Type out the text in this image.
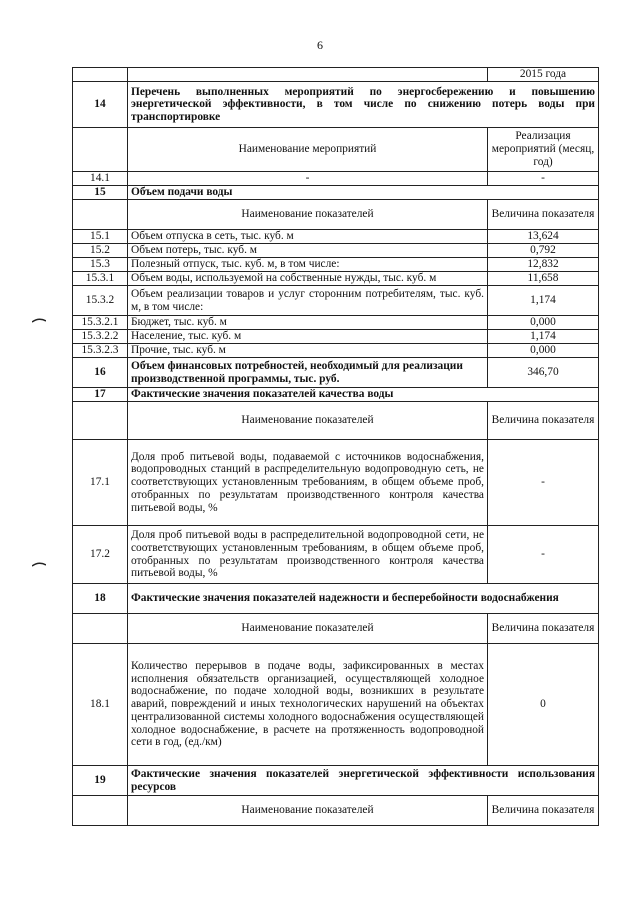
6
		2015 года
14	Перечень выполненных мероприятий по энергосбережению и повышению энергетической эффективности, в том числе по снижению потерь воды при транспортировке	
	Наименование мероприятий	Реализация мероприятий (месяц, год)
14.1	-	-
15	Объем подачи воды	
	Наименование показателей	Величина показателя
15.1	Объем отпуска в сеть, тыс. куб. м	13,624
15.2	Объем потерь, тыс. куб. м	0,792
15.3	Полезный отпуск, тыс. куб. м, в том числе:	12,832
15.3.1	Объем воды, используемой на собственные нужды, тыс. куб. м	11,658
15.3.2	Объем реализации товаров и услуг сторонним потребителям, тыс. куб. м, в том числе:	1,174
15.3.2.1	Бюджет, тыс. куб. м	0,000
15.3.2.2	Население, тыс. куб. м	1,174
15.3.2.3	Прочие, тыс. куб. м	0,000
16	Объем финансовых потребностей, необходимый для реализации производственной программы, тыс. руб.	346,70
17	Фактические значения показателей качества воды	
	Наименование показателей	Величина показателя
17.1	Доля проб питьевой воды, подаваемой с источников водоснабжения, водопроводных станций в распределительную водопроводную сеть, не соответствующих установленным требованиям, в общем объеме проб, отобранных по результатам производственного контроля качества питьевой воды, %	-
17.2	Доля проб питьевой воды в распределительной водопроводной сети, не соответствующих установленным требованиям, в общем объеме проб, отобранных по результатам производственного контроля качества питьевой воды, %	-
18	Фактические значения показателей надежности и бесперебойности водоснабжения	
	Наименование показателей	Величина показателя
18.1	Количество перерывов в подаче воды, зафиксированных в местах исполнения обязательств организацией, осуществляющей холодное водоснабжение, по подаче холодной воды, возникших в результате аварий, повреждений и иных технологических нарушений на объектах централизованной системы холодного водоснабжения осуществляющей холодное водоснабжение, в расчете на протяженность водопроводной сети в год, (ед./км)	0
19	Фактические значения показателей энергетической эффективности использования ресурсов	
	Наименование показателей	Величина показателя
